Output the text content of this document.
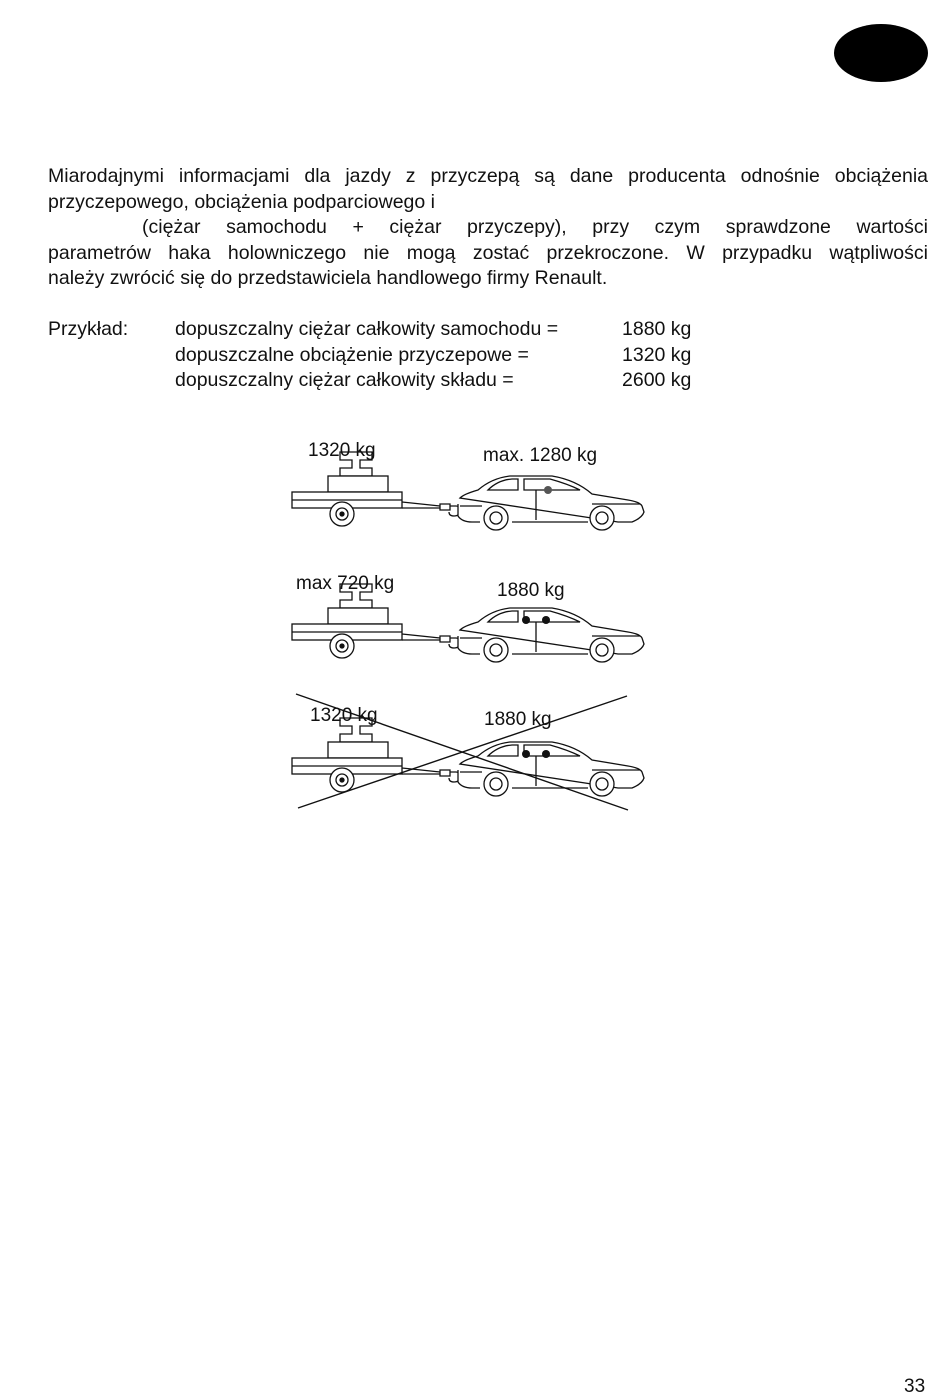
Miarodajnymi informacjami dla jazdy z przyczepą są dane producenta odnośnie obciążenia
przyczepowego, obciążenia podparciowego i
(ciężar samochodu + ciężar przyczepy), przy czym sprawdzone wartości
parametrów haka holowniczego nie mogą zostać przekroczone. W przypadku wątpliwości
należy zwrócić się do przedstawiciela handlowego firmy Renault.
Przykład: dopuszczalny ciężar całkowity samochodu =	1880 kg
dopuszczalne obciążenie przyczepowe =	1320 kg
dopuszczalny ciężar całkowity składu =	2600 kg
1320 kg	max. 1280 kg
max 720 kg	1880 kg
1320 kg	1880 kg
33
